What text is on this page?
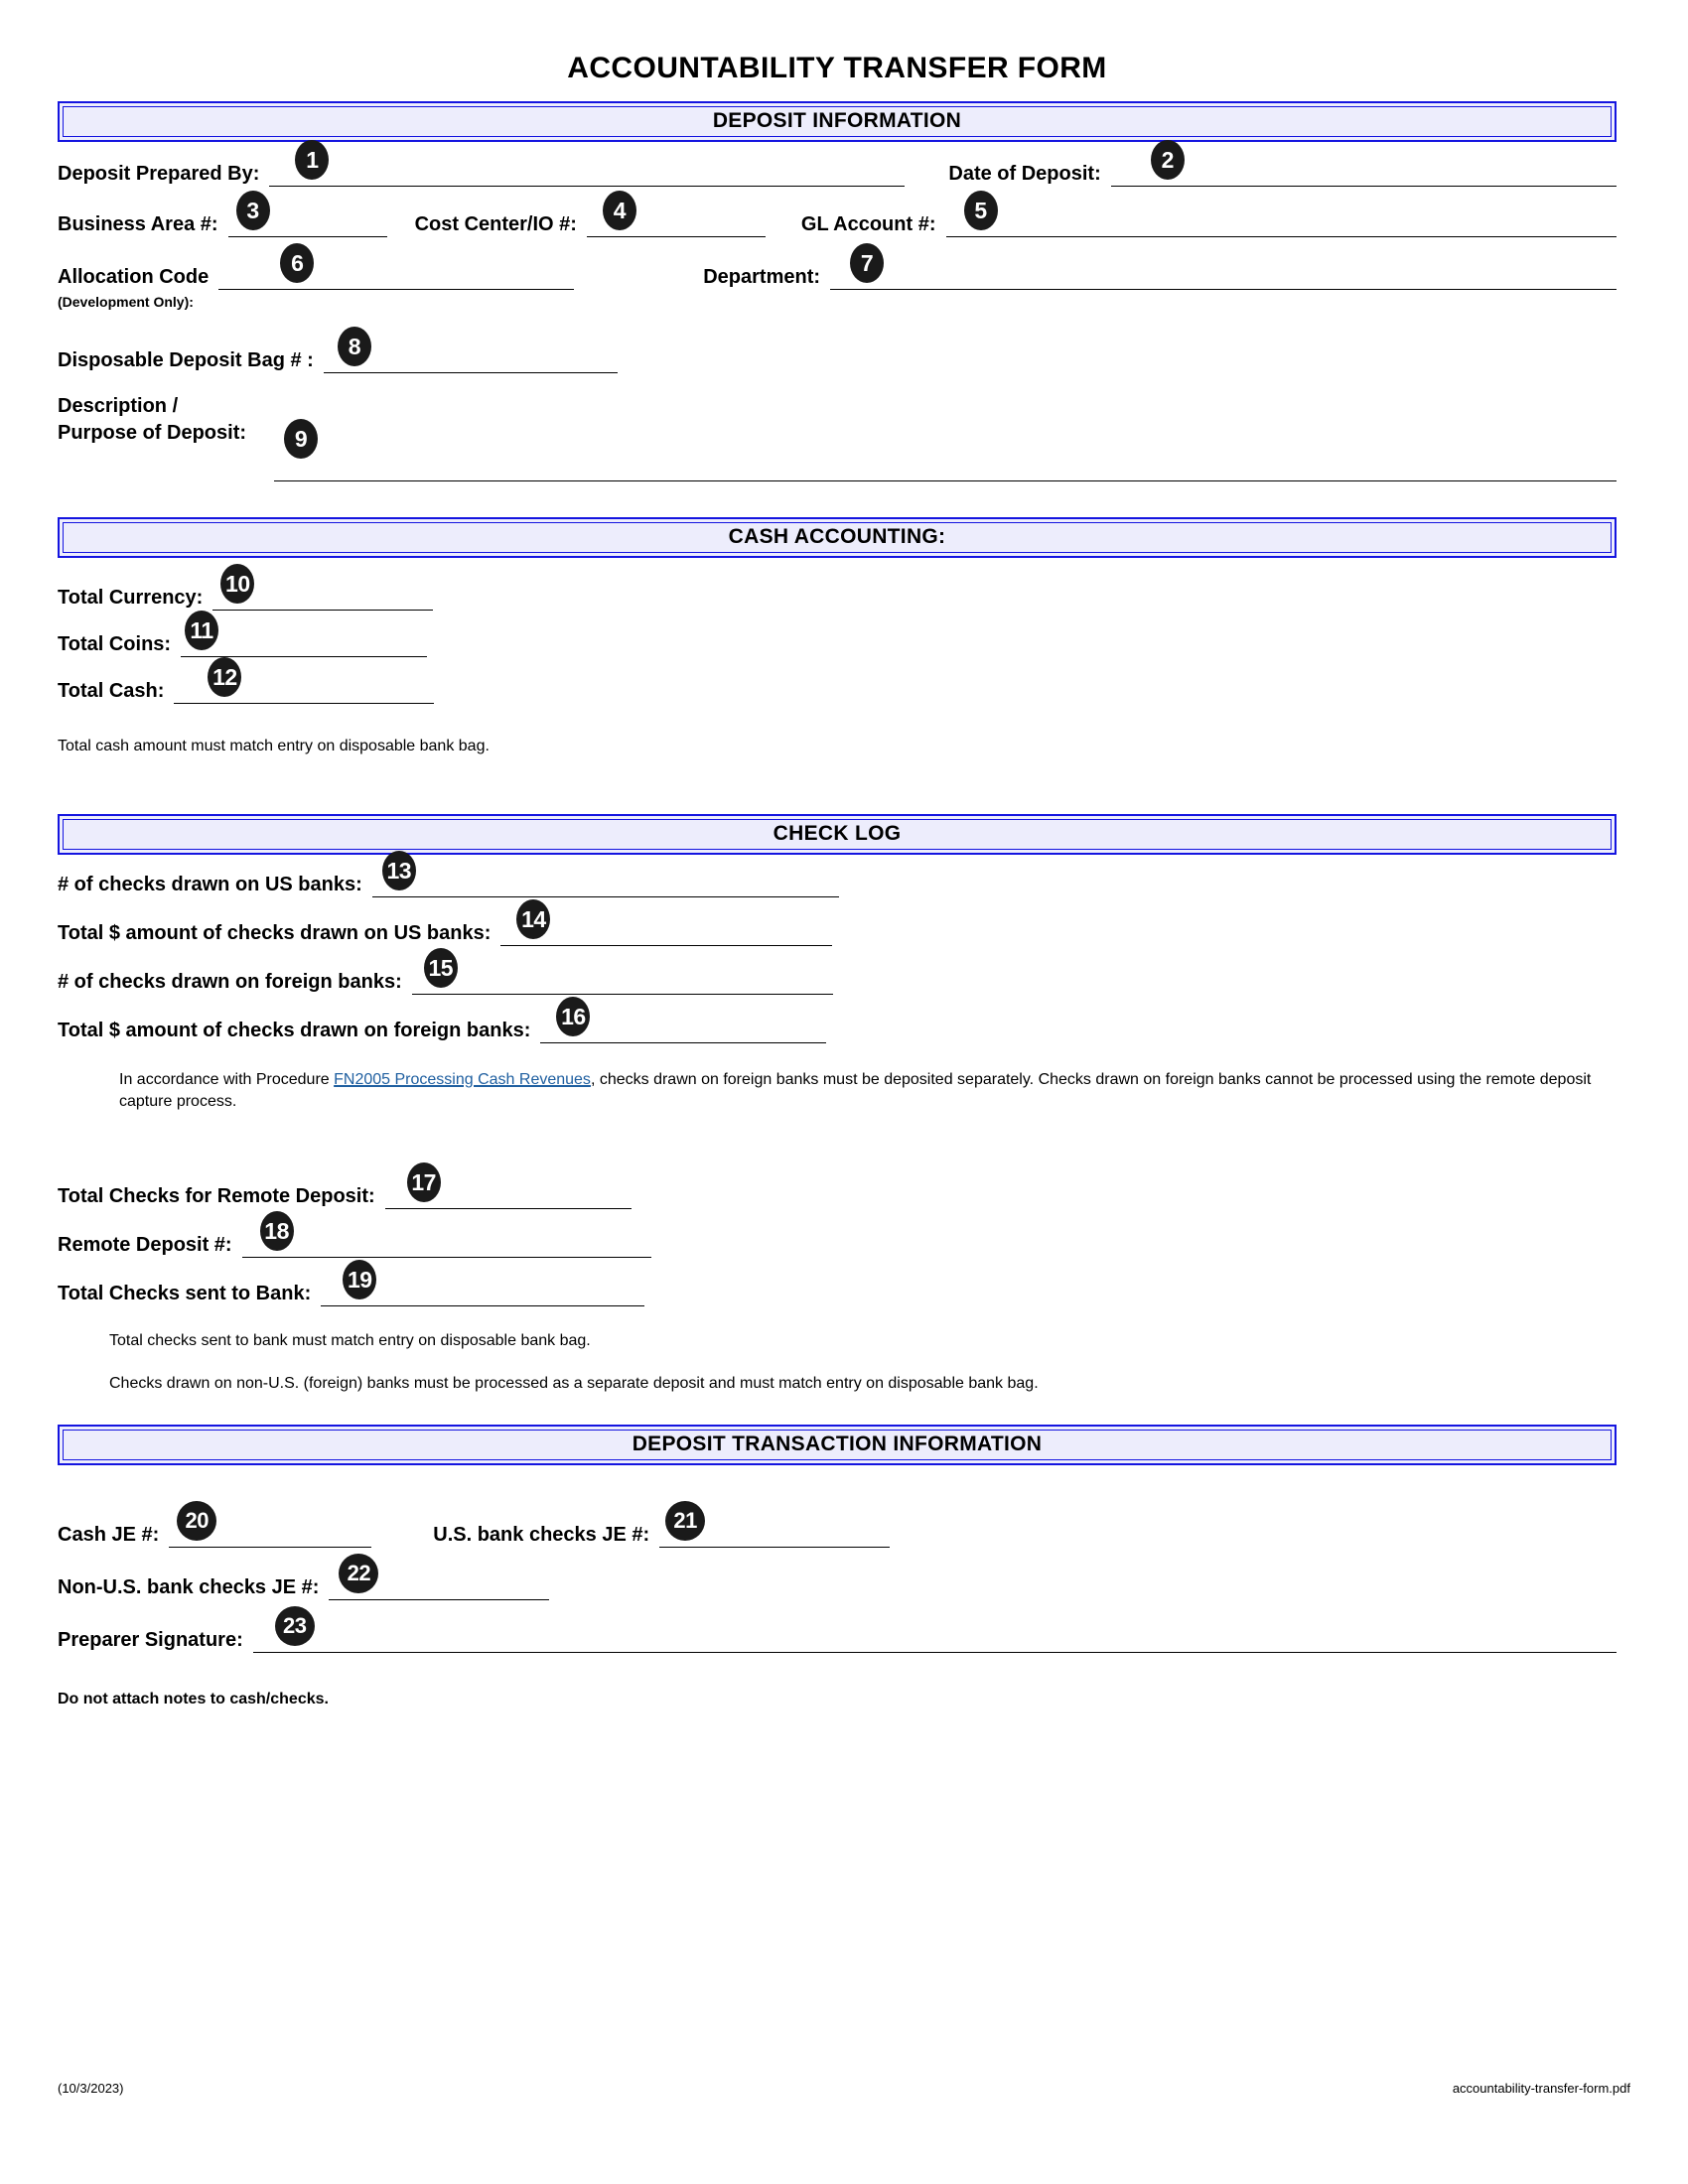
ACCOUNTABILITY TRANSFER FORM
DEPOSIT INFORMATION
Deposit Prepared By:
1
Date of Deposit:
2
Business Area #:
3
Cost Center/IO #:
4
GL Account #:
5
Allocation Code
6
Department:
7
(Development Only):
Disposable Deposit Bag # :
8
Description /
Purpose of Deposit:	9
CASH ACCOUNTING:
Total Currency:
10
Total Coins:
11
Total Cash:
12
Total cash amount must match entry on disposable bank bag.
CHECK LOG
# of checks drawn on US banks:
13
Total $ amount of checks drawn on US banks:
14
# of checks drawn on foreign banks:
15
Total $ amount of checks drawn on foreign banks:
16
In accordance with Procedure FN2005 Processing Cash Revenues, checks drawn on foreign banks must be deposited separately. Checks drawn on foreign banks cannot be processed using the remote deposit capture process.
Total Checks for Remote Deposit:
17
Remote Deposit #:
18
Total Checks sent to Bank:
19
Total checks sent to bank must match entry on disposable bank bag.
Checks drawn on non-U.S. (foreign) banks must be processed as a separate deposit and must match entry on disposable bank bag.
DEPOSIT TRANSACTION INFORMATION
Cash JE #:
20
U.S. bank checks JE #:
21
Non-U.S. bank checks JE #:
22
Preparer Signature:
23
Do not attach notes to cash/checks.
(10/3/2023)	accountability-transfer-form.pdf
